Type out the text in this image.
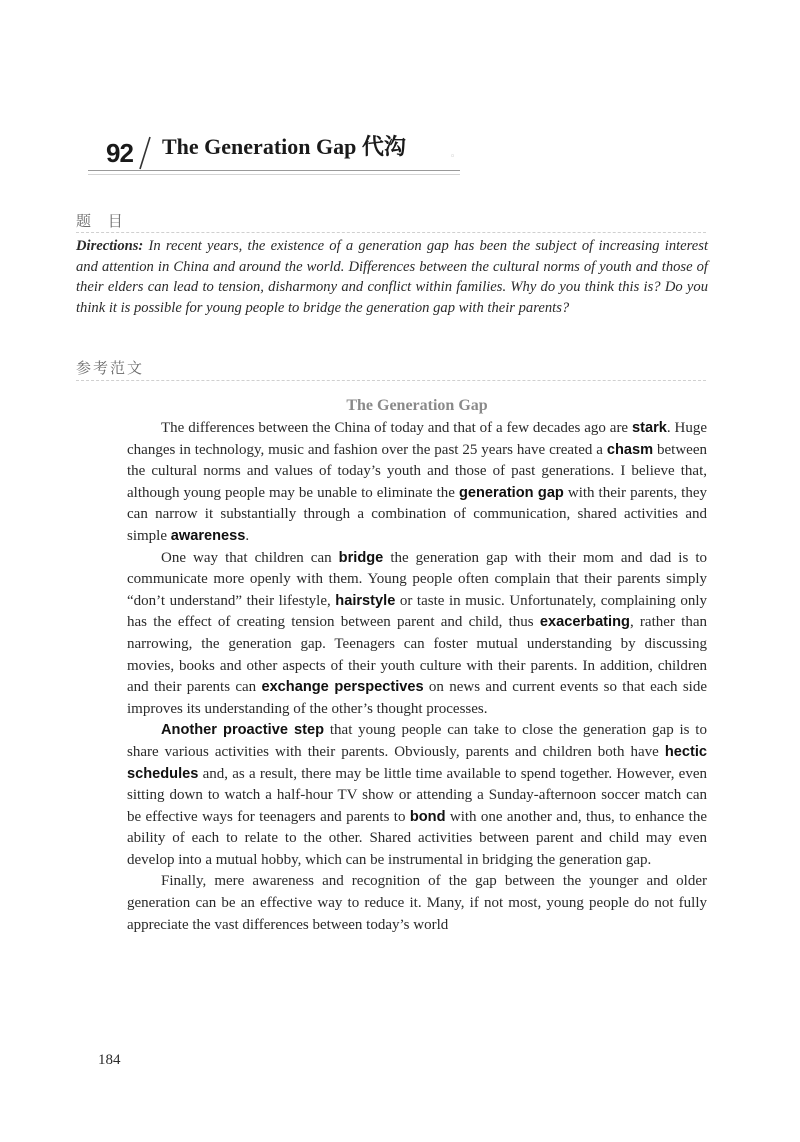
92 The Generation Gap 代沟	◦
题 目
Directions: In recent years, the existence of a generation gap has been the subject of increasing interest and attention in China and around the world. Differences between the cultural norms of youth and those of their elders can lead to tension, disharmony and conflict within families. Why do you think this is? Do you think it is possible for young people to bridge the generation gap with their parents?
参考范文
The Generation Gap

The differences between the China of today and that of a few decades ago are stark. Huge changes in technology, music and fashion over the past 25 years have created a chasm between the cultural norms and values of today’s youth and those of past generations. I believe that, although young people may be unable to eliminate the generation gap with their parents, they can narrow it substantially through a combination of communication, shared activities and simple awareness.

One way that children can bridge the generation gap with their mom and dad is to communicate more openly with them. Young people often complain that their parents simply “don’t understand” their lifestyle, hairstyle or taste in music. Unfortunately, complaining only has the effect of creating tension between parent and child, thus exacerbating, rather than narrowing, the generation gap. Teenagers can foster mutual understanding by discussing movies, books and other aspects of their youth culture with their parents. In addition, children and their parents can exchange perspectives on news and current events so that each side improves its understanding of the other’s thought processes.

Another proactive step that young people can take to close the generation gap is to share various activities with their parents. Obviously, parents and children both have hectic schedules and, as a result, there may be little time available to spend together. However, even sitting down to watch a half-hour TV show or attending a Sunday-afternoon soccer match can be effective ways for teenagers and parents to bond with one another and, thus, to enhance the ability of each to relate to the other. Shared activities between parent and child may even develop into a mutual hobby, which can be instrumental in bridging the generation gap.

Finally, mere awareness and recognition of the gap between the younger and older generation can be an effective way to reduce it. Many, if not most, young people do not fully appreciate the vast differences between today’s world

184
